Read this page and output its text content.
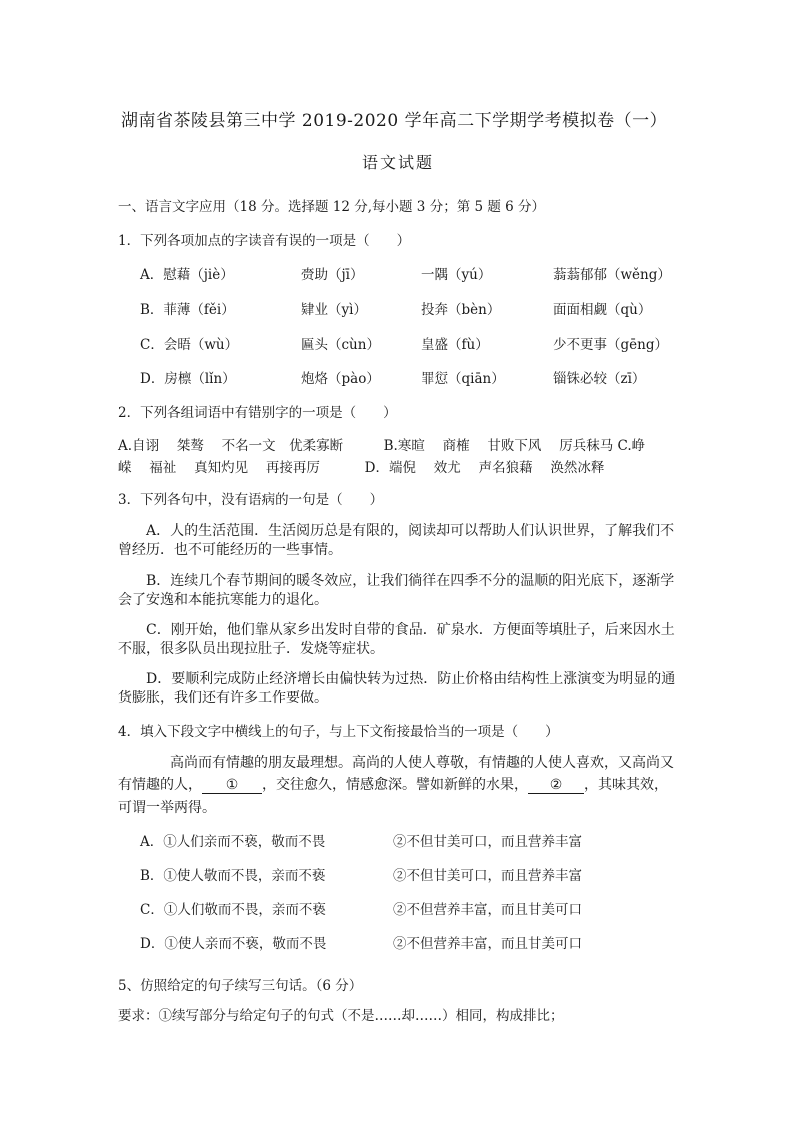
湖南省茶陵县第三中学 2019-2020 学年高二下学期学考模拟卷（一）
语文试题
一、语言文字应用（18 分。选择题 12 分,每小题 3 分；第 5 题 6 分）
1．下列各项加点的字读音有误的一项是（　　）
A．慰藉（jiè）	赍助（jī）	一隅（yú）	蓊蓊郁郁（wěng）
B．菲薄（fěi）	肄业（yì）	投奔（bèn）	面面相觑（qù）
C．会晤（wù）	匾头（cùn）	皇盛（fù）	少不更事（gēng）
D．房檩（lǐn）	炮烙（pào）	罪愆（qiān）	锱铢必较（zī）
2．下列各组词语中有错别字的一项是（　　）
A.自诩　 桀骜　 不名一文　优柔寡断　　　B.寒暄　 商榷　 甘败下风　 厉兵秣马 C.峥
嵘　 福祉　 真知灼见　 再接再厉　　　 D．端倪　 效尤　 声名狼藉　 涣然冰释
3．下列各句中，没有语病的一句是（　　）
A．人的生活范围．生活阅历总是有限的，阅读却可以帮助人们认识世界，了解我们不
曾经历．也不可能经历的一些事情。
B．连续几个春节期间的暖冬效应，让我们徜徉在四季不分的温顺的阳光底下，逐渐学
会了安逸和本能抗寒能力的退化。
C．刚开始，他们靠从家乡出发时自带的食品．矿泉水．方便面等填肚子，后来因水土
不服，很多队员出现拉肚子．发烧等症状。
D．要顺利完成防止经济增长由偏快转为过热．防止价格由结构性上涨演变为明显的通
货膨胀，我们还有许多工作要做。
4．填入下段文字中横线上的句子，与上下文衔接最恰当的一项是（　　）
高尚而有情趣的朋友最理想。高尚的人使人尊敬，有情趣的人使人喜欢，又高尚又
有情趣的人， ① ，交往愈久，情感愈深。譬如新鲜的水果， ② ，其味其效，
可谓一举两得。
A．①人们亲而不亵，敬而不畏	②不但甘美可口，而且营养丰富
B．①使人敬而不畏，亲而不亵	②不但甘美可口，而且营养丰富
C．①人们敬而不畏，亲而不亵	②不但营养丰富，而且甘美可口
D．①使人亲而不亵，敬而不畏	②不但营养丰富，而且甘美可口
5、仿照给定的句子续写三句话。（6 分）
要求：①续写部分与给定句子的句式（不是……却……）相同，构成排比；
